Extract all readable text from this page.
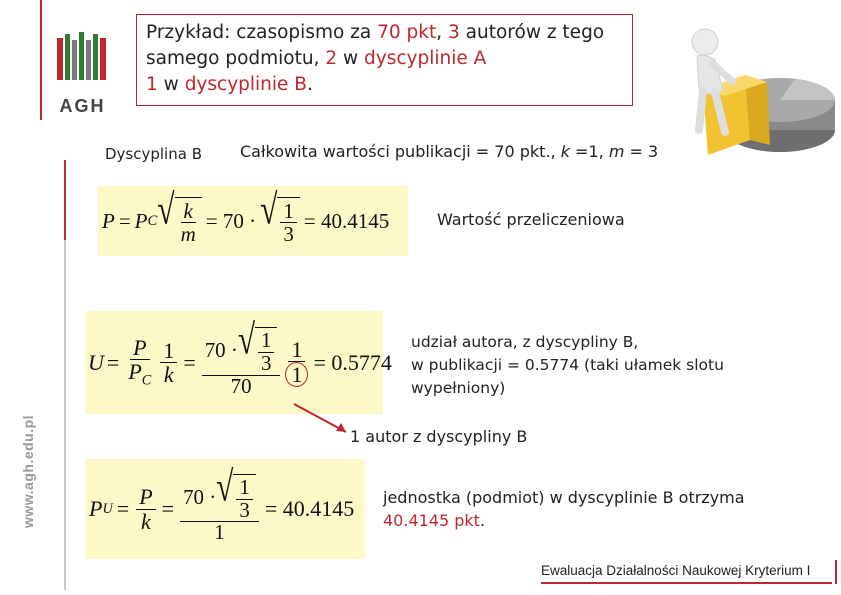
www.agh.edu.pl
AGH
Przykład: czasopismo za 70 pkt, 3 autorów z tego
samego podmiotu, 2 w dyscyplinie A
1 w dyscyplinie B.
Dyscyplina B Całkowita wartości publikacji = 70 pkt., k =1, m = 3
P = P C √ $\frac{k}{m} = 70$ · √ $\frac{1}{3} = 40.4145$	Wartość przeliczeniowa
$U = \frac{P}{P_C} \frac{1}{k} = \frac{70 \cdot √ \frac{1}{3}}{70} \frac{1}{1} = 0.5774$
udział autora, z dyscypliny B,
w publikacji = 0.5774 (taki ułamek slotu
wypełniony)
1 autor z dyscypliny B
P $U = \frac{P}{k} = \frac{70 \cdot √ \frac{1}{3}}{1} = 40.4145$ jednostka (podmiot) w dyscyplinie B otrzyma
40.4145 pkt.
Ewaluacja Działalności Naukowej Kryterium I
